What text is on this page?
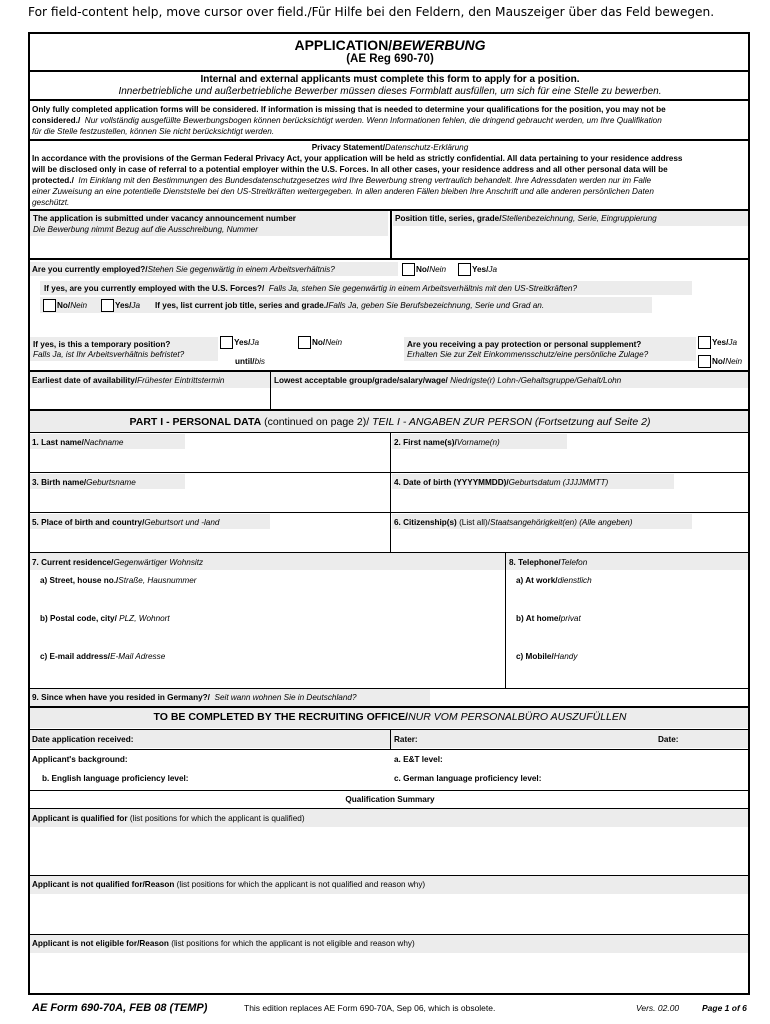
For field-content help, move cursor over field./Für Hilfe bei den Feldern, den Mauszeiger über das Feld bewegen.
APPLICATION/BEWERBUNG
(AE Reg 690-70)
Internal and external applicants must complete this form to apply for a position.
Innerbetriebliche und außerbetriebliche Bewerber müssen dieses Formblatt ausfüllen, um sich für eine Stelle zu bewerben.
Only fully completed application forms will be considered. If information is missing that is needed to determine your qualifications for the position, you may not be
considered./ Nur vollständig ausgefüllte Bewerbungsbogen können berücksichtigt werden. Wenn Informationen fehlen, die dringend gebraucht werden, um Ihre Qualifikation
für die Stelle festzustellen, können Sie nicht berücksichtigt werden.
Privacy Statement/Datenschutz-Erklärung
In accordance with the provisions of the German Federal Privacy Act, your application will be held as strictly confidential. All data pertaining to your residence address
will be disclosed only in case of referral to a potential employer within the U.S. Forces. In all other cases, your residence address and all other personal data will be
protected./ Im Einklang mit den Bestimmungen des Bundesdatenschutzgesetzes wird Ihre Bewerbung streng vertraulich behandelt. Ihre Adressdaten werden nur im Falle
einer Zuweisung an eine potentielle Dienststelle bei den US-Streitkräften weitergegeben. In allen anderen Fällen bleiben Ihre Anschrift und alle anderen persönlichen Daten
geschützt.
The application is submitted under vacancy announcement number
Die Bewerbung nimmt Bezug auf die Ausschreibung, Nummer
Position title, series, grade/Stellenbezeichnung, Serie, Eingruppierung
Are you currently employed?/Stehen Sie gegenwärtig in einem Arbeitsverhältnis?	No/Nein	Yes/Ja
If yes, are you currently employed with the U.S. Forces?/ Falls Ja, stehen Sie gegenwärtig in einem Arbeitsverhältnis mit den US-Streitkräften?
No/Nein	Yes/Ja If yes, list current job title, series and grade./Falls Ja, geben Sie Berufsbezeichnung, Serie und Grad an.
If yes, is this a temporary position?
Falls Ja, ist Ihr Arbeitsverhältnis befristet?
Yes/Ja	No/Nein
until/bis
Are you receiving a pay protection or personal supplement?
Erhalten Sie zur Zeit Einkommensschutz/eine persönliche Zulage?
Yes/Ja
No/Nein
Earliest date of availability/Frühester Eintrittstermin	Lowest acceptable group/grade/salary/wage/ Niedrigste(r) Lohn-/Gehaltsgruppe/Gehalt/Lohn
PART I - PERSONAL DATA (continued on page 2)/ TEIL I - ANGABEN ZUR PERSON (Fortsetzung auf Seite 2)
1. Last name/Nachname	2. First name(s)/Vorname(n)
3. Birth name/Geburtsname	4. Date of birth (YYYYMMDD)/Geburtsdatum (JJJJMMTT)
5. Place of birth and country/Geburtsort und -land	6. Citizenship(s) (List all)/Staatsangehörigkeit(en) (Alle angeben)
7. Current residence/Gegenwärtiger Wohnsitz	8. Telephone/Telefon
a) Street, house no./Straße, Hausnummer
b) Postal code, city/ PLZ, Wohnort
c) E-mail address/E-Mail Adresse
a) At work/dienstlich
b) At home/privat
c) Mobile/Handy
9. Since when have you resided in Germany?/ Seit wann wohnen Sie in Deutschland?
TO BE COMPLETED BY THE RECRUITING OFFICE/NUR VOM PERSONALBÜRO AUSZUFÜLLEN
Date application received:	Rater:	Date:
Applicant's background:	a. E&T level:
b. English language proficiency level:	c. German language proficiency level:
Qualification Summary
Applicant is qualified for (list positions for which the applicant is qualified)
Applicant is not qualified for/Reason (list positions for which the applicant is not qualified and reason why)
Applicant is not eligible for/Reason (list positions for which the applicant is not eligible and reason why)
AE Form 690-70A, FEB 08 (TEMP)	This edition replaces AE Form 690-70A, Sep 06, which is obsolete.	Vers. 02.00	Page 1 of 6
